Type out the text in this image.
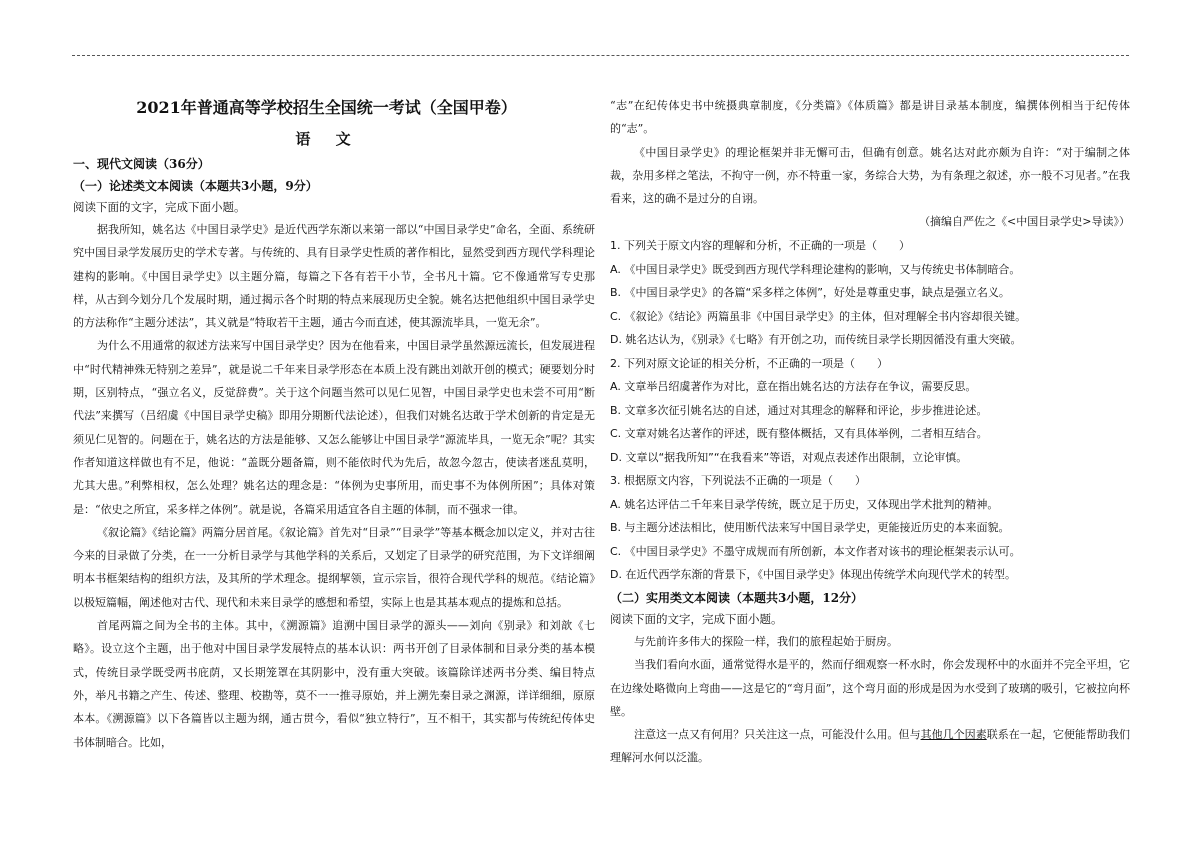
2021年普通高等学校招生全国统一考试（全国甲卷）
语 文
一、现代文阅读（36分）
（一）论述类文本阅读（本题共3小题，9分）
阅读下面的文字，完成下面小题。

据我所知，姚名达《中国目录学史》是近代西学东渐以来第一部以“中国目录学史”命名，全面、系统研究中国目录学发展历史的学术专著。与传统的、具有目录学史性质的著作相比，显然受到西方现代学科理论建构的影响。《中国目录学史》以主题分篇，每篇之下各有若干小节，全书凡十篇。它不像通常写专史那样，从古到今划分几个发展时期，通过揭示各个时期的特点来展现历史全貌。姚名达把他组织中国目录学史的方法称作“主题分述法”，其义就是“特取若干主题，通古今而直述，使其源流毕具，一览无余”。

为什么不用通常的叙述方法来写中国目录学史？因为在他看来，中国目录学虽然源远流长，但发展进程中“时代精神殊无特别之差异”，就是说二千年来目录学形态在本质上没有跳出刘歆开创的模式；硬要划分时期，区别特点，“强立名义，反觉辞费”。关于这个问题当然可以见仁见智，中国目录学史也未尝不可用“断代法”来撰写（吕绍虞《中国目录学史稿》即用分期断代法论述），但我们对姚名达敢于学术创新的肯定是无须见仁见智的。问题在于，姚名达的方法是能够、又怎么能够让中国目录学“源流毕具，一览无余”呢？其实作者知道这样做也有不足，他说：“盖既分题备篇，则不能依时代为先后，故忽今忽古，使读者迷乱莫明，尤其大患。”利弊相权，怎么处理？姚名达的理念是：“体例为史事所用，而史事不为体例所困”；具体对策是：“依史之所宜，采多样之体例”。就是说，各篇采用适宜各自主题的体制，而不强求一律。

《叙论篇》《结论篇》两篇分居首尾。《叙论篇》首先对“目录”“目录学”等基本概念加以定义，并对古往今来的目录做了分类，在一一分析目录学与其他学科的关系后，又划定了目录学的研究范围，为下文详细阐明本书框架结构的组织方法，及其所的学术理念。提纲挈领，宣示宗旨，很符合现代学科的规范。《结论篇》以极短篇幅，阐述他对古代、现代和未来目录学的感想和希望，实际上也是其基本观点的提炼和总括。

首尾两篇之间为全书的主体。其中，《溯源篇》追溯中国目录学的源头——刘向《别录》和刘歆《七略》。设立这个主题，出于他对中国目录学发展特点的基本认识：两书开创了目录体制和目录分类的基本模式，传统目录学既受两书庇荫，又长期笼罩在其阴影中，没有重大突破。该篇除详述两书分类、编目特点外，举凡书籍之产生、传述、整理、校勘等，莫不一一推寻原始，并上溯先秦目录之渊源，详详细细，原原本本。《溯源篇》以下各篇皆以主题为纲，通古贯今，看似“独立特行”，互不相干，其实都与传统纪传体史书体制暗合。比如，

“志”在纪传体史书中统摄典章制度，《分类篇》《体质篇》都是讲目录基本制度，编撰体例相当于纪传体的“志”。

《中国目录学史》的理论框架并非无懈可击，但确有创意。姚名达对此亦颇为自许：“对于编制之体裁，杂用多样之笔法，不拘守一例，亦不特重一家，务综合大势，为有条理之叙述，亦一般不习见者。”在我看来，这的确不是过分的自诩。

（摘编自严佐之《<中国目录学史>导读》）
1. 下列关于原文内容的理解和分析，不正确的一项是（　　）
A. 《中国目录学史》既受到西方现代学科理论建构的影响，又与传统史书体制暗合。
B. 《中国目录学史》的各篇“采多样之体例”，好处是尊重史事，缺点是强立名义。
C. 《叙论》《结论》两篇虽非《中国目录学史》的主体，但对理解全书内容却很关键。
D. 姚名达认为，《别录》《七略》有开创之功，而传统目录学长期因循没有重大突破。
2. 下列对原文论证的相关分析，不正确的一项是（　　）
A. 文章举吕绍虞著作为对比，意在指出姚名达的方法存在争议，需要反思。
B. 文章多次征引姚名达的自述，通过对其理念的解释和评论，步步推进论述。
C. 文章对姚名达著作的评述，既有整体概括，又有具体举例，二者相互结合。
D. 文章以“据我所知”“在我看来”等语，对观点表述作出限制，立论审慎。
3. 根据原文内容，下列说法不正确的一项是（　　）
A. 姚名达评估二千年来目录学传统，既立足于历史，又体现出学术批判的精神。
B. 与主题分述法相比，使用断代法来写中国目录学史，更能接近历史的本来面貌。
C. 《中国目录学史》不墨守成规而有所创新，本文作者对该书的理论框架表示认可。
D. 在近代西学东渐的背景下，《中国目录学史》体现出传统学术向现代学术的转型。
（二）实用类文本阅读（本题共3小题，12分）
阅读下面的文字，完成下面小题。

与先前许多伟大的探险一样，我们的旅程起始于厨房。

当我们看向水面，通常觉得水是平的，然而仔细观察一杯水时，你会发现杯中的水面并不完全平坦，它在边缘处略微向上弯曲——这是它的“弯月面”，这个弯月面的形成是因为水受到了玻璃的吸引，它被拉向杯壁。

注意这一点又有何用？只关注这一点，可能没什么用。但与其他几个因素联系在一起，它便能帮助我们理解河水何以泛滥。
